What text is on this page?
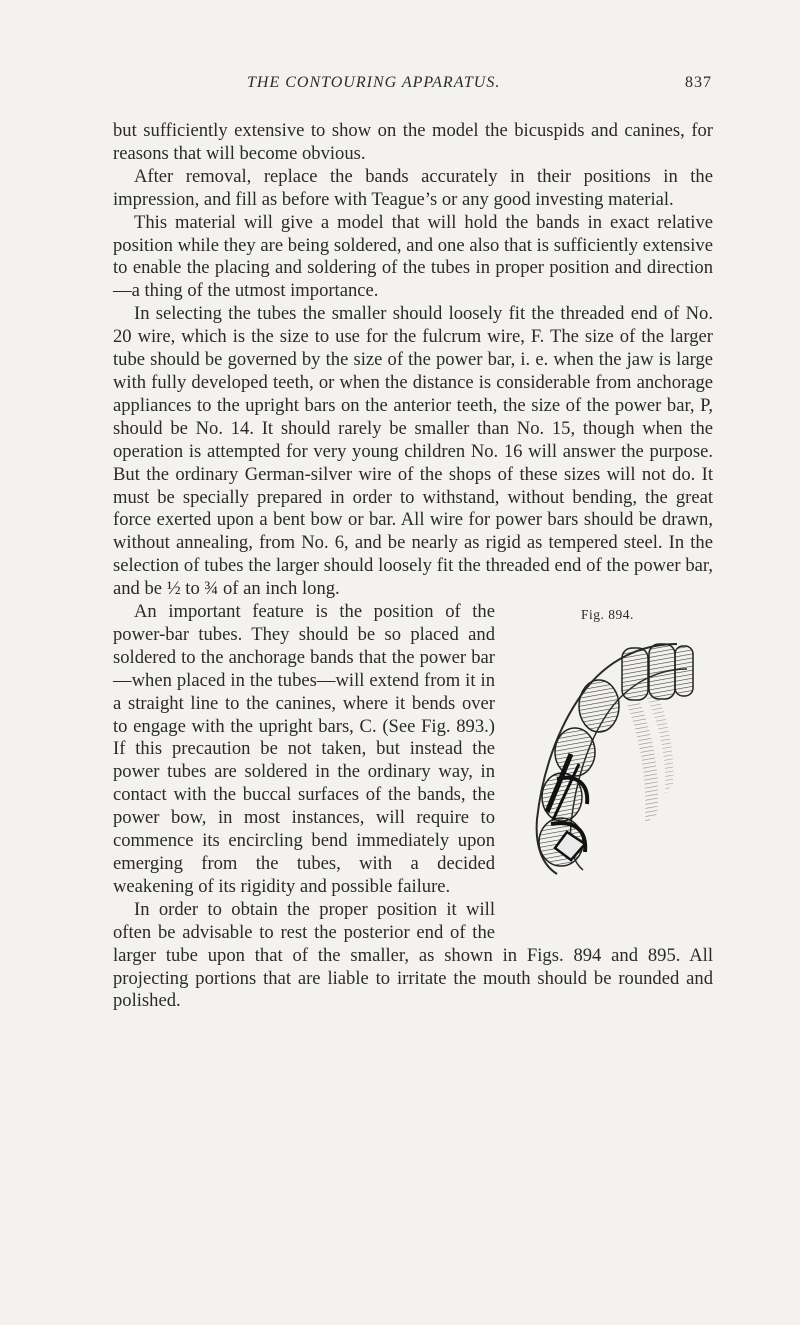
THE CONTOURING APPARATUS.	837

but sufficiently extensive to show on the model the bicuspids and canines, for reasons that will become obvious.

After removal, replace the bands accurately in their positions in the impression, and fill as before with Teague’s or any good investing material.

This material will give a model that will hold the bands in exact relative position while they are being soldered, and one also that is sufficiently extensive to enable the placing and soldering of the tubes in proper position and direction—a thing of the utmost importance.

In selecting the tubes the smaller should loosely fit the threaded end of No. 20 wire, which is the size to use for the fulcrum wire, F. The size of the larger tube should be governed by the size of the power bar, i. e. when the jaw is large with fully developed teeth, or when the distance is considerable from anchorage appliances to the upright bars on the anterior teeth, the size of the power bar, P, should be No. 14. It should rarely be smaller than No. 15, though when the operation is attempted for very young children No. 16 will answer the purpose. But the ordinary German-silver wire of the shops of these sizes will not do. It must be specially prepared in order to withstand, without bending, the great force exerted upon a bent bow or bar. All wire for power bars should be drawn, without annealing, from No. 6, and be nearly as rigid as tempered steel. In the selection of tubes the larger should loosely fit the threaded end of the power bar, and be ½ to ¾ of an inch long.

Fig. 894.

An important feature is the position of the power-bar tubes. They should be so placed and soldered to the anchorage bands that the power bar—when placed in the tubes—will extend from it in a straight line to the canines, where it bends over to engage with the upright bars, C. (See Fig. 893.) If this precaution be not taken, but instead the power tubes are soldered in the ordinary way, in contact with the buccal surfaces of the bands, the power bow, in most instances, will require to commence its encircling bend immediately upon emerging from the tubes, with a decided weakening of its rigidity and possible failure.

In order to obtain the proper position it will often be advisable to rest the posterior end of the larger tube upon that of the smaller, as shown in Figs. 894 and 895. All projecting portions that are liable to irritate the mouth should be rounded and polished.
